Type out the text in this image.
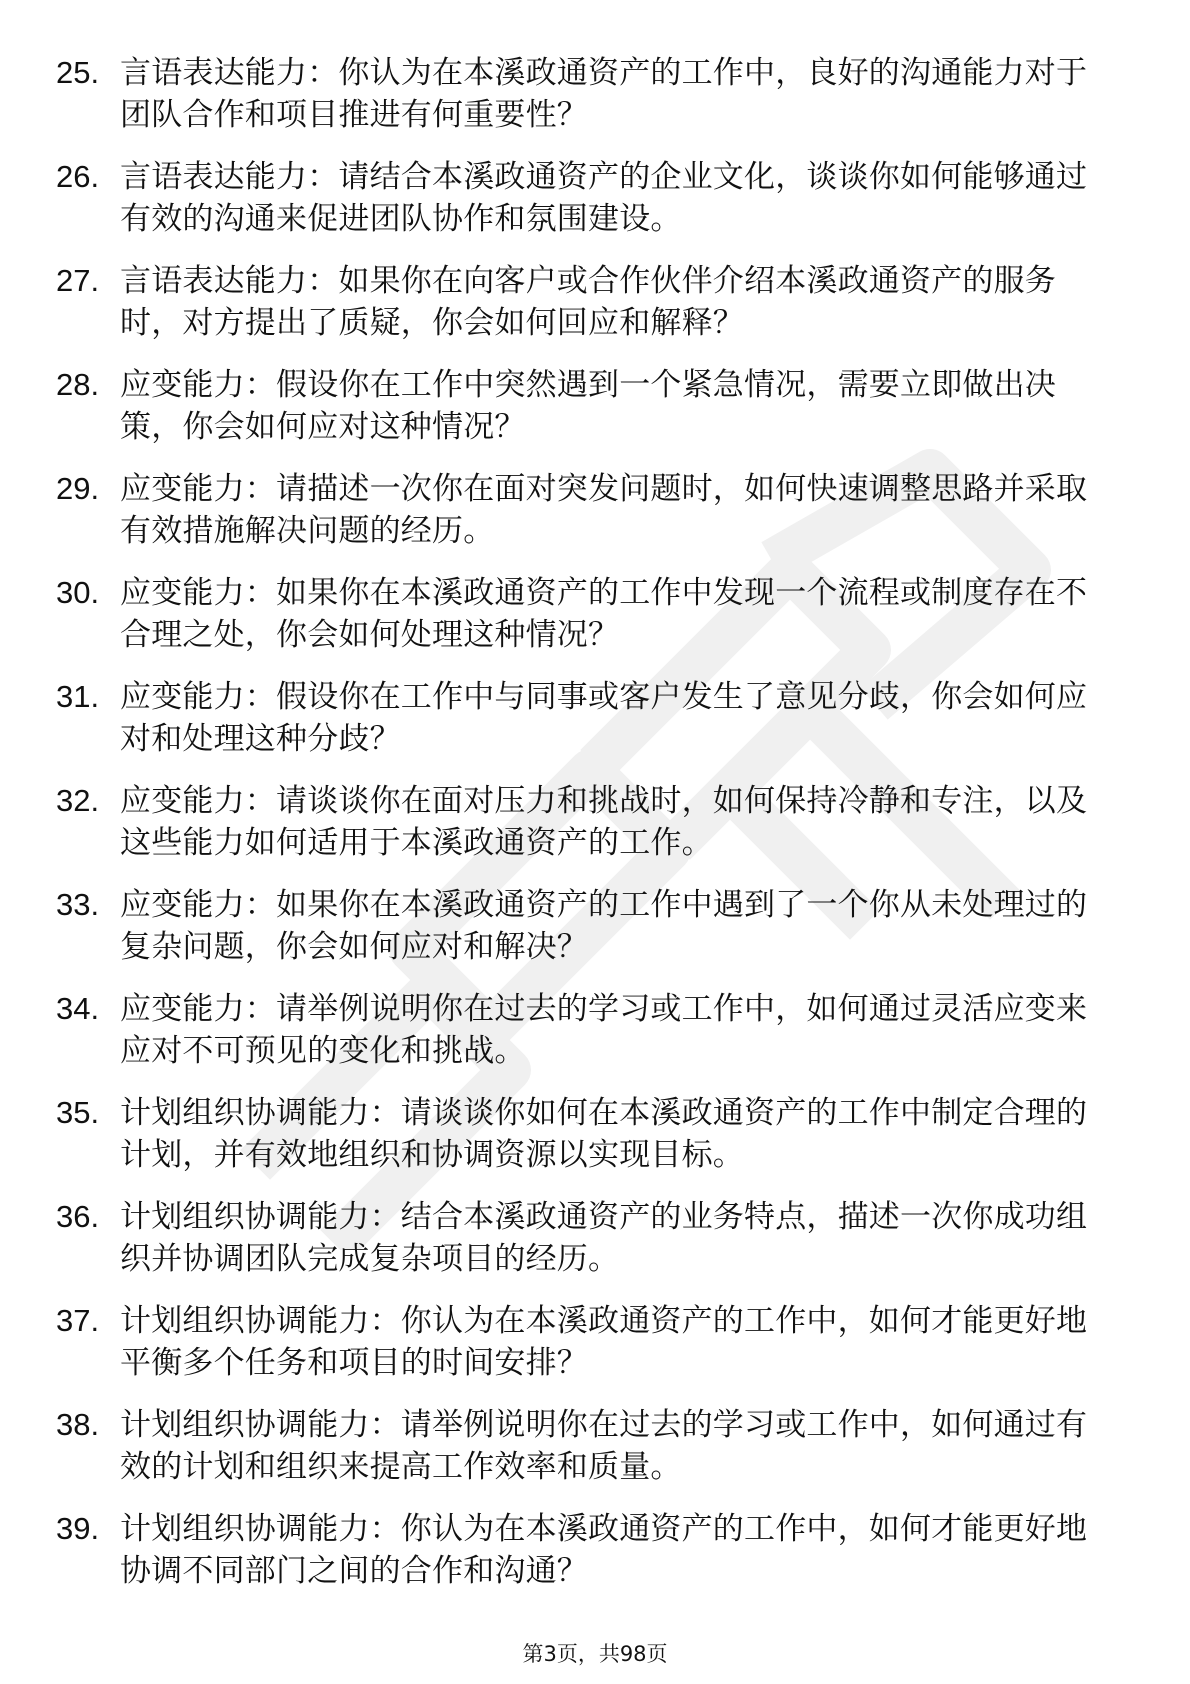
25. 言语表达能力：你认为在本溪政通资产的工作中，良好的沟通能力对于团队合作和项目推进有何重要性？
26. 言语表达能力：请结合本溪政通资产的企业文化，谈谈你如何能够通过有效的沟通来促进团队协作和氛围建设。
27. 言语表达能力：如果你在向客户或合作伙伴介绍本溪政通资产的服务时，对方提出了质疑，你会如何回应和解释？
28. 应变能力：假设你在工作中突然遇到一个紧急情况，需要立即做出决策，你会如何应对这种情况？
29. 应变能力：请描述一次你在面对突发问题时，如何快速调整思路并采取有效措施解决问题的经历。
30. 应变能力：如果你在本溪政通资产的工作中发现一个流程或制度存在不合理之处，你会如何处理这种情况？
31. 应变能力：假设你在工作中与同事或客户发生了意见分歧，你会如何应对和处理这种分歧？
32. 应变能力：请谈谈你在面对压力和挑战时，如何保持冷静和专注，以及这些能力如何适用于本溪政通资产的工作。
33. 应变能力：如果你在本溪政通资产的工作中遇到了一个你从未处理过的复杂问题，你会如何应对和解决？
34. 应变能力：请举例说明你在过去的学习或工作中，如何通过灵活应变来应对不可预见的变化和挑战。
35. 计划组织协调能力：请谈谈你如何在本溪政通资产的工作中制定合理的计划，并有效地组织和协调资源以实现目标。
36. 计划组织协调能力：结合本溪政通资产的业务特点，描述一次你成功组织并协调团队完成复杂项目的经历。
37. 计划组织协调能力：你认为在本溪政通资产的工作中，如何才能更好地平衡多个任务和项目的时间安排？
38. 计划组织协调能力：请举例说明你在过去的学习或工作中，如何通过有效的计划和组织来提高工作效率和质量。
39. 计划组织协调能力：你认为在本溪政通资产的工作中，如何才能更好地协调不同部门之间的合作和沟通？
第3页，共98页
